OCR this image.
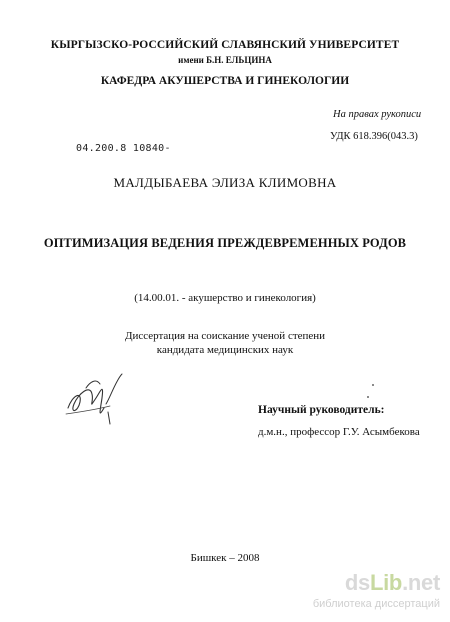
КЫРГЫЗСКО-РОССИЙСКИЙ СЛАВЯНСКИЙ УНИВЕРСИТЕТ
имени Б.Н. ЕЛЬЦИНА
КАФЕДРА АКУШЕРСТВА И ГИНЕКОЛОГИИ
На правах рукописи
УДК 618.396(043.3)
04.200.8 10840-
МАЛДЫБАЕВА ЭЛИЗА КЛИМОВНА
ОПТИМИЗАЦИЯ ВЕДЕНИЯ ПРЕЖДЕВРЕМЕННЫХ РОДОВ
(14.00.01. - акушерство и гинекология)
Диссертация на соискание ученой степени
кандидата медицинских наук
Научный руководитель:
д.м.н., профессор Г.У. Асымбекова
Бишкек – 2008
dsLib.net
библиотека диссертаций
